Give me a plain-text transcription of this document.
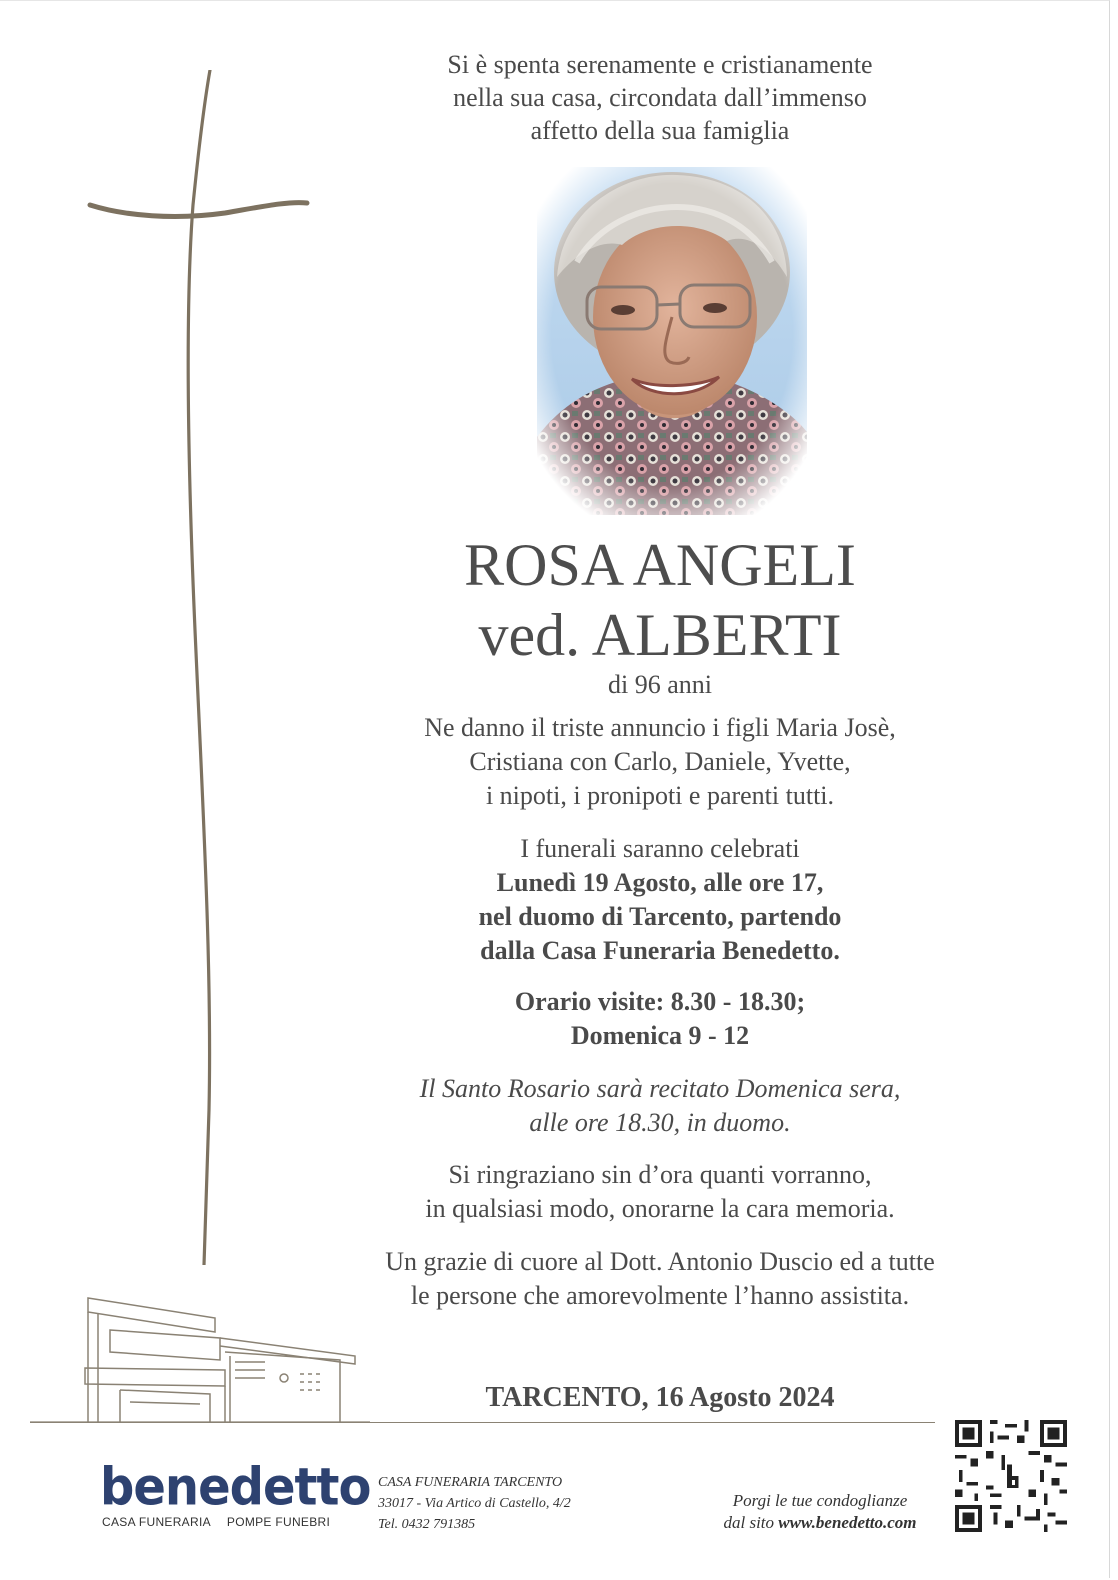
Si è spenta serenamente e cristianamente
nella sua casa, circondata dall’immenso
affetto della sua famiglia
ROSA ANGELI
ved. ALBERTI
di 96 anni
Ne danno il triste annuncio i figli Maria Josè,
Cristiana con Carlo, Daniele, Yvette,
i nipoti, i pronipoti e parenti tutti.
I funerali saranno celebrati
Lunedì 19 Agosto, alle ore 17,
nel duomo di Tarcento, partendo
dalla Casa Funeraria Benedetto.
Orario visite: 8.30 - 18.30;
Domenica 9 - 12
Il Santo Rosario sarà recitato Domenica sera,
alle ore 18.30, in duomo.
Si ringraziano sin d’ora quanti vorranno,
in qualsiasi modo, onorarne la cara memoria.
Un grazie di cuore al Dott. Antonio Duscio ed a tutte
le persone che amorevolmente l’hanno assistita.
TARCENTO, 16 Agosto 2024
benedetto
CASA FUNERARIA POMPE FUNEBRI
CASA FUNERARIA TARCENTO
33017 - Via Artico di Castello, 4/2
Tel. 0432 791385
Porgi le tue condoglianze
dal sito www.benedetto.com
